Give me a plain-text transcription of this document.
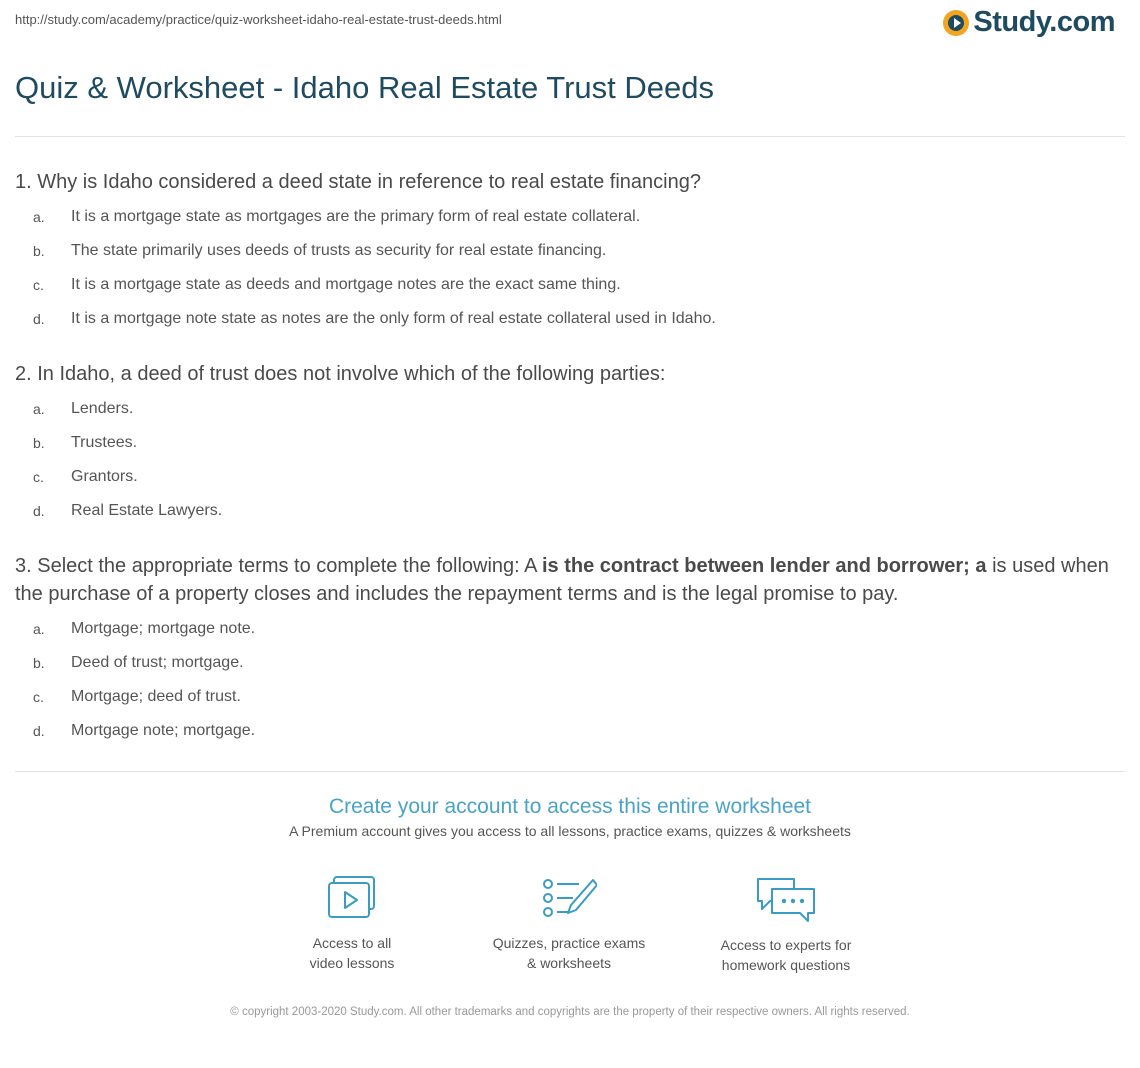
http://study.com/academy/practice/quiz-worksheet-idaho-real-estate-trust-deeds.html	Study.com
Quiz & Worksheet - Idaho Real Estate Trust Deeds
1. Why is Idaho considered a deed state in reference to real estate financing?
a.	It is a mortgage state as mortgages are the primary form of real estate collateral.
b.	The state primarily uses deeds of trusts as security for real estate financing.
c.	It is a mortgage state as deeds and mortgage notes are the exact same thing.
d.	It is a mortgage note state as notes are the only form of real estate collateral used in Idaho.
2. In Idaho, a deed of trust does not involve which of the following parties:
a.	Lenders.
b.	Trustees.
c.	Grantors.
d.	Real Estate Lawyers.
3. Select the appropriate terms to complete the following: A is the contract between lender and borrower; a is used when the purchase of a property closes and includes the repayment terms and is the legal promise to pay.
a.	Mortgage; mortgage note.
b.	Deed of trust; mortgage.
c.	Mortgage; deed of trust.
d.	Mortgage note; mortgage.
Create your account to access this entire worksheet
A Premium account gives you access to all lessons, practice exams, quizzes & worksheets
Access to all
video lessons
Quizzes, practice exams
& worksheets
Access to experts for
homework questions
© copyright 2003-2020 Study.com. All other trademarks and copyrights are the property of their respective owners. All rights reserved.
